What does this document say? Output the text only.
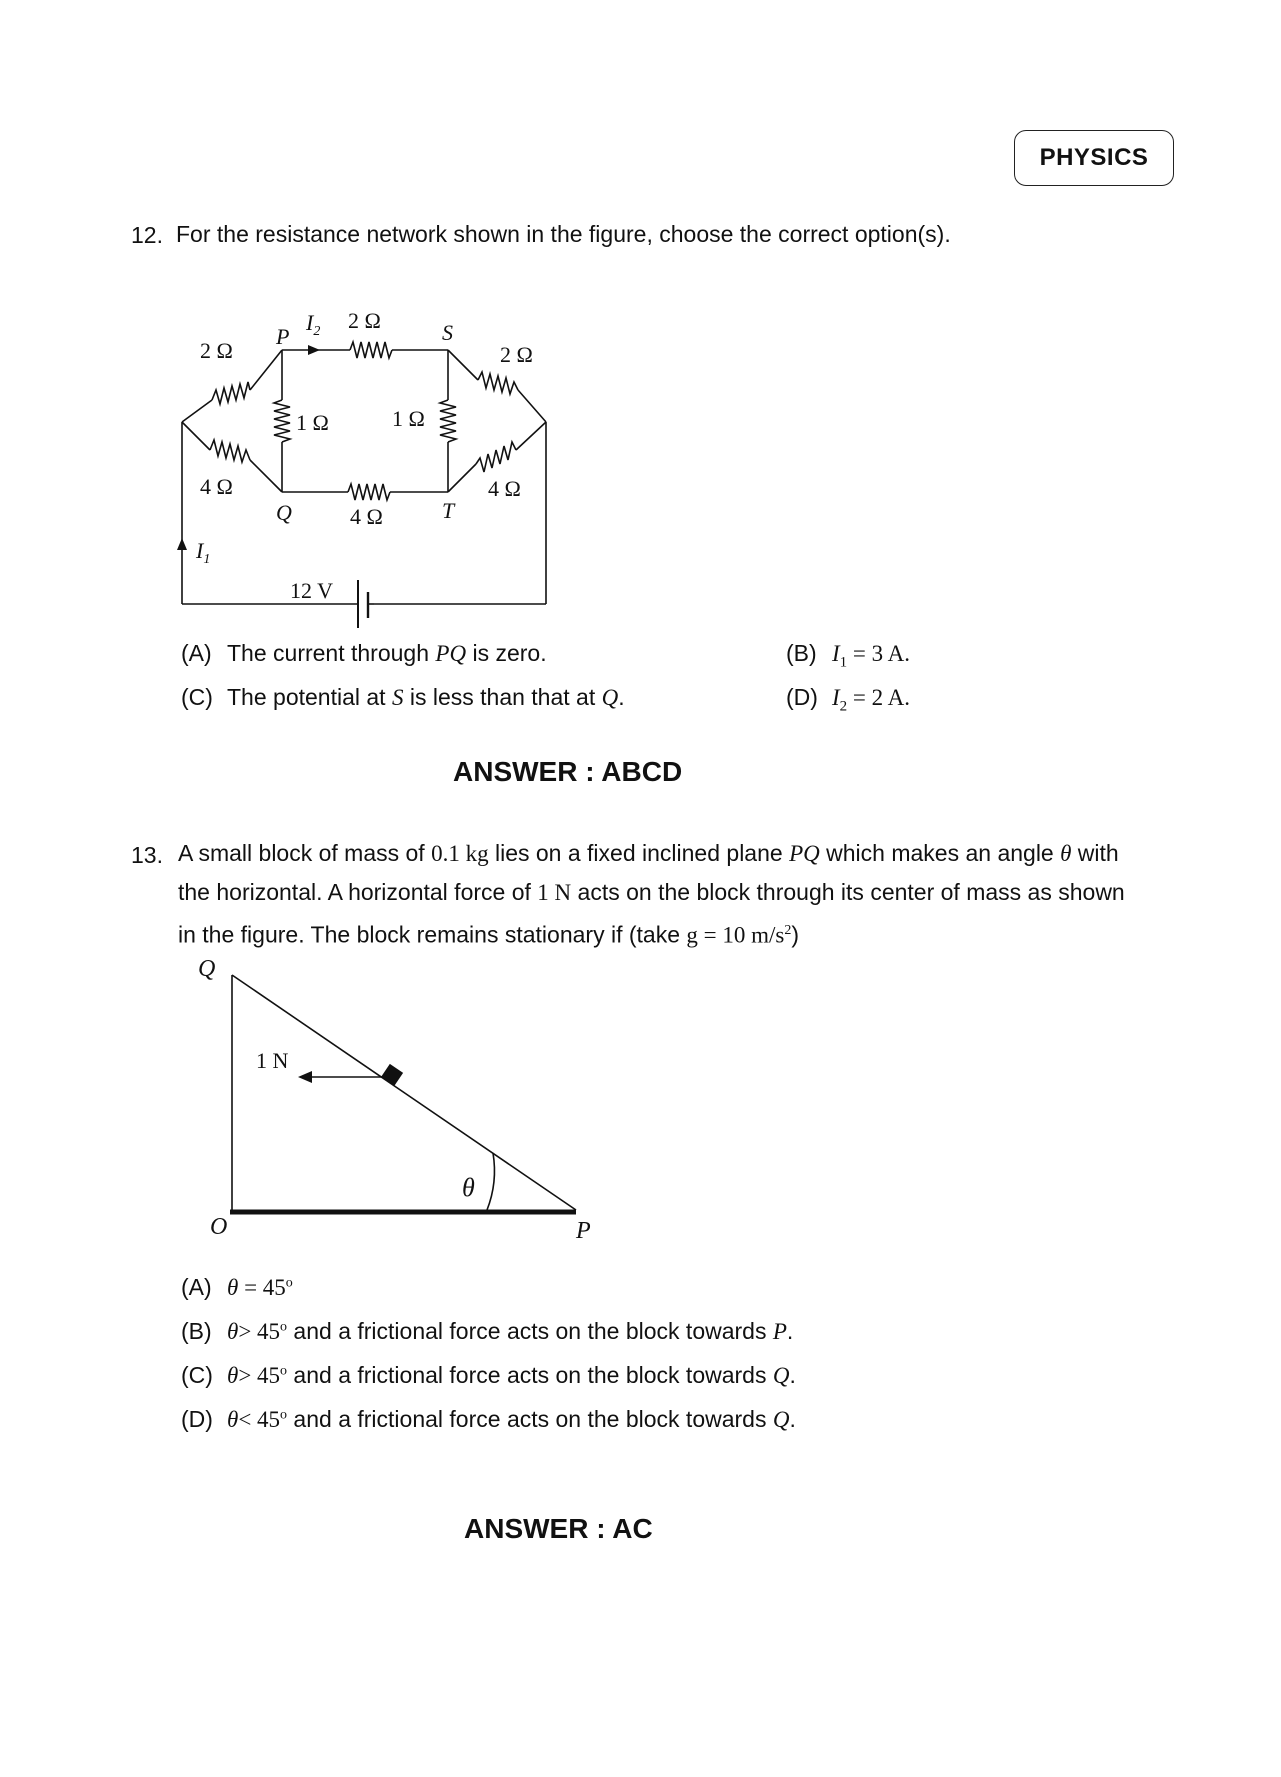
PHYSICS
12. For the resistance network shown in the figure, choose the correct option(s).
2 Ω
4 Ω
P
Q
S
T
$I_2$ 2 Ω
2 Ω
4 Ω
1 Ω	1 Ω
4 Ω
$I_1$
12 V
(A) The current through PQ is zero.	(B) $I_1 = 3$ A.
(C) The potential at S is less than that at Q.	(D) $I_2 = 2$ A.
ANSWER : ABCD
13. A small block of mass of 0.1 kg lies on a fixed inclined plane PQ which makes an angle θ with
the horizontal. A horizontal force of 1 N acts on the block through its center of mass as shown
in the figure. The block remains stationary if (take g = 10 $m/s^2$)
Q
O	P
1 N
θ
(A) $\theta = 45^o$
(B) $\theta> 45^o$ and a frictional force acts on the block towards P.
(C) $\theta> 45^o$ and a frictional force acts on the block towards Q.
(D) $\theta< 45^o$ and a frictional force acts on the block towards Q.
ANSWER : AC
